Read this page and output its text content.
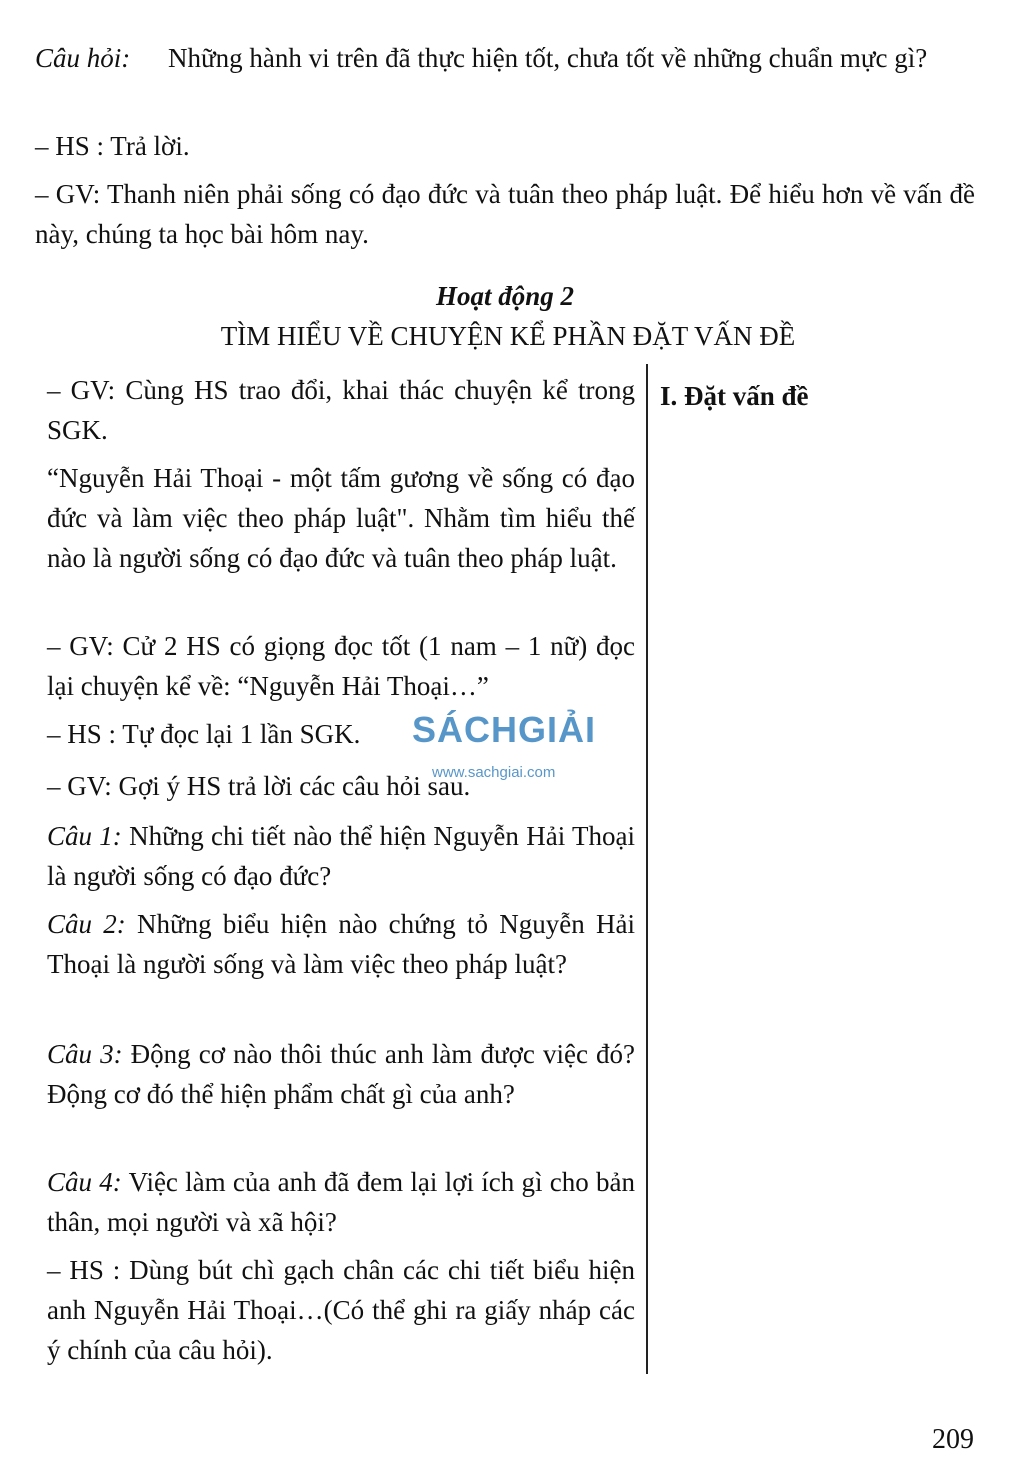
Câu hỏi: Những hành vi trên đã thực hiện tốt, chưa tốt về những chuẩn mực gì?

– HS : Trả lời.

– GV: Thanh niên phải sống có đạo đức và tuân theo pháp luật. Để hiểu hơn về vấn đề này, chúng ta học bài hôm nay.

Hoạt động 2
TÌM HIỂU VỀ CHUYỆN KỂ PHẦN ĐẶT VẤN ĐỀ

– GV: Cùng HS trao đổi, khai thác chuyện kể trong SGK.

“Nguyễn Hải Thoại - một tấm gương về sống có đạo đức và làm việc theo pháp luật". Nhằm tìm hiểu thế nào là người sống có đạo đức và tuân theo pháp luật.

– GV: Cử 2 HS có giọng đọc tốt (1 nam – 1 nữ) đọc lại chuyện kể về: “Nguyễn Hải Thoại…”

– HS : Tự đọc lại 1 lần SGK.

– GV: Gợi ý HS trả lời các câu hỏi sau.

Câu 1: Những chi tiết nào thể hiện Nguyễn Hải Thoại là người sống có đạo đức?

Câu 2: Những biểu hiện nào chứng tỏ Nguyễn Hải Thoại là người sống và làm việc theo pháp luật?

Câu 3: Động cơ nào thôi thúc anh làm được việc đó? Động cơ đó thể hiện phẩm chất gì của anh?

Câu 4: Việc làm của anh đã đem lại lợi ích gì cho bản thân, mọi người và xã hội?

– HS : Dùng bút chì gạch chân các chi tiết biểu hiện anh Nguyễn Hải Thoại…(Có thể ghi ra giấy nháp các ý chính của câu hỏi).

I. Đặt vấn đề
SÁCHGIẢI
www.sachgiai.com
209
